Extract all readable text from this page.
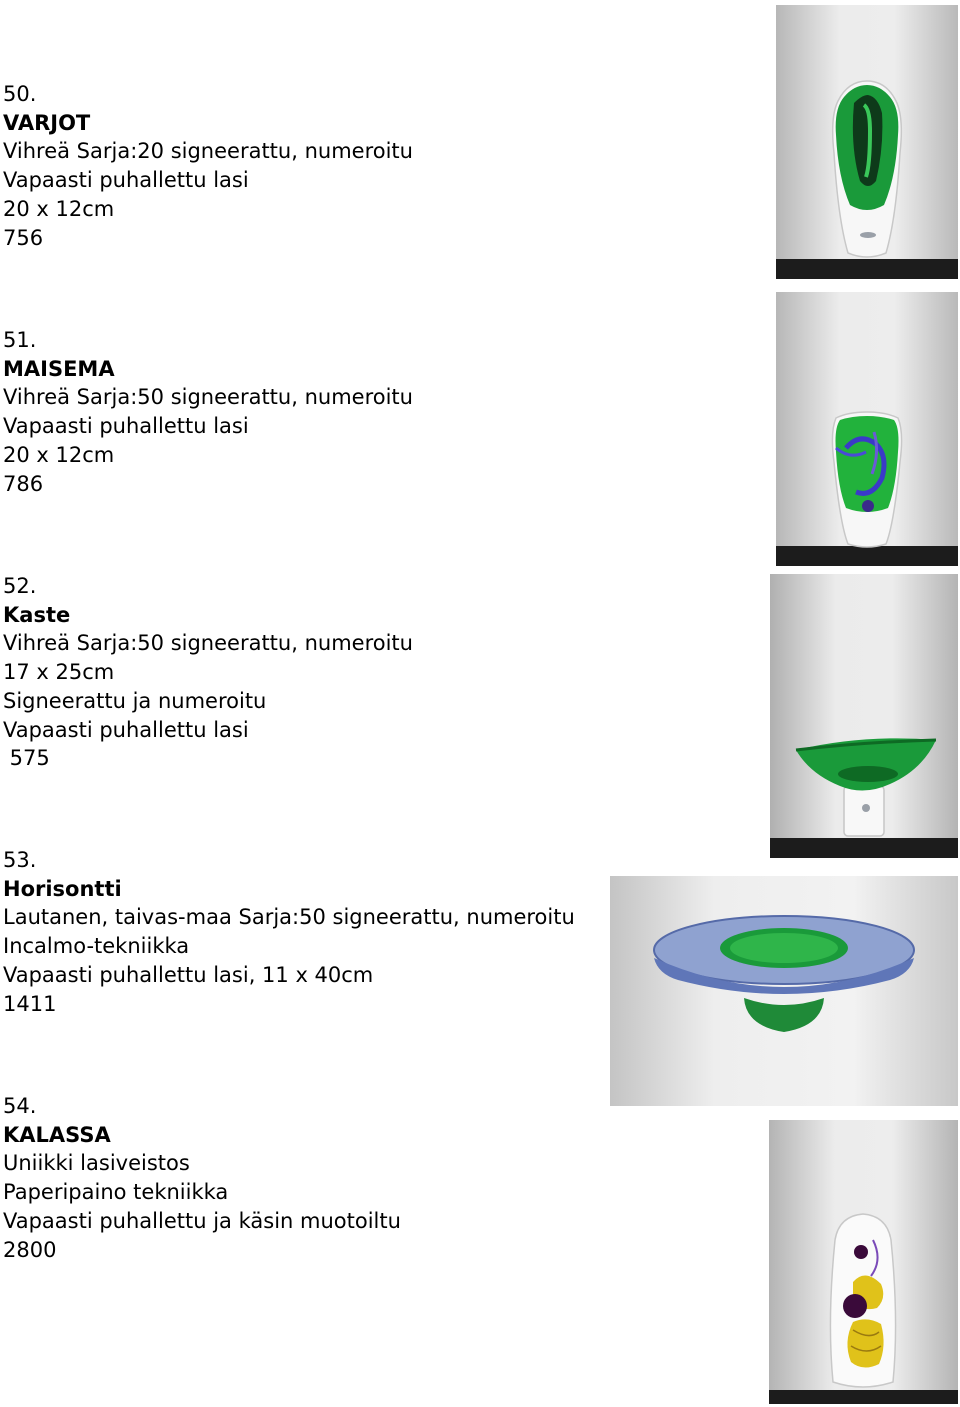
50.
VARJOT
Vihreä Sarja:20 signeerattu, numeroitu
Vapaasti puhallettu lasi
20 x 12cm
756
51.
MAISEMA
Vihreä Sarja:50 signeerattu, numeroitu
Vapaasti puhallettu lasi
20 x 12cm
786
52.
Kaste
Vihreä Sarja:50 signeerattu, numeroitu
17 x 25cm
Signeerattu ja numeroitu
Vapaasti puhallettu lasi
575
53.
Horisontti
Lautanen, taivas-maa Sarja:50 signeerattu, numeroitu
Incalmo-tekniikka
Vapaasti puhallettu lasi, 11 x 40cm
1411
54.
KALASSA
Uniikki lasiveistos
Paperipaino tekniikka
Vapaasti puhallettu ja käsin muotoiltu
2800
